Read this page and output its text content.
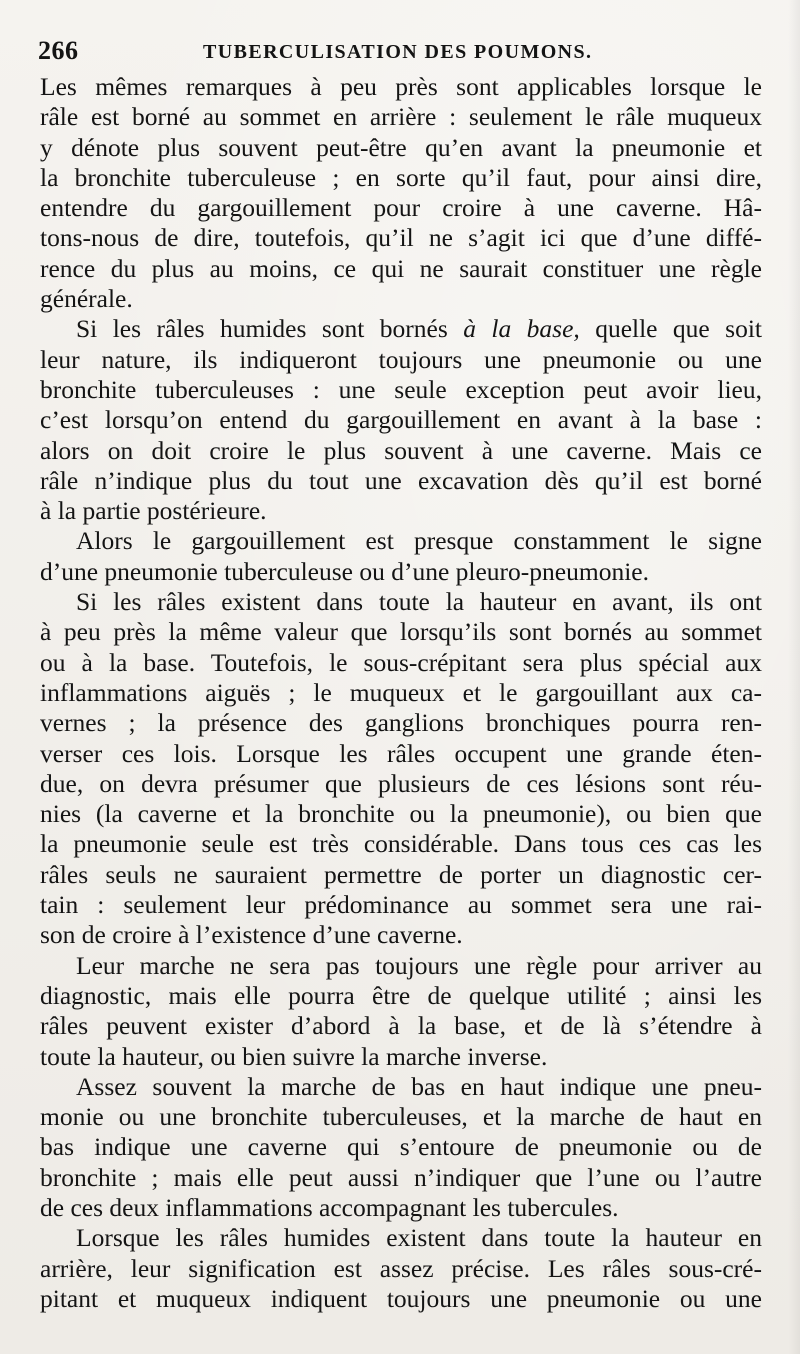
266	TUBERCULISATION DES POUMONS.
Les mêmes remarques à peu près sont applicables lorsque le
râle est borné au sommet en arrière : seulement le râle muqueux
y dénote plus souvent peut-être qu’en avant la pneumonie et
la bronchite tuberculeuse ; en sorte qu’il faut, pour ainsi dire,
entendre du gargouillement pour croire à une caverne. Hâ-
tons-nous de dire, toutefois, qu’il ne s’agit ici que d’une diffé-
rence du plus au moins, ce qui ne saurait constituer une règle
générale.
Si les râles humides sont bornés à la base, quelle que soit
leur nature, ils indiqueront toujours une pneumonie ou une
bronchite tuberculeuses : une seule exception peut avoir lieu,
c’est lorsqu’on entend du gargouillement en avant à la base :
alors on doit croire le plus souvent à une caverne. Mais ce
râle n’indique plus du tout une excavation dès qu’il est borné
à la partie postérieure.
Alors le gargouillement est presque constamment le signe
d’une pneumonie tuberculeuse ou d’une pleuro-pneumonie.
Si les râles existent dans toute la hauteur en avant, ils ont
à peu près la même valeur que lorsqu’ils sont bornés au sommet
ou à la base. Toutefois, le sous-crépitant sera plus spécial aux
inflammations aiguës ; le muqueux et le gargouillant aux ca-
vernes ; la présence des ganglions bronchiques pourra ren-
verser ces lois. Lorsque les râles occupent une grande éten-
due, on devra présumer que plusieurs de ces lésions sont réu-
nies (la caverne et la bronchite ou la pneumonie), ou bien que
la pneumonie seule est très considérable. Dans tous ces cas les
râles seuls ne sauraient permettre de porter un diagnostic cer-
tain : seulement leur prédominance au sommet sera une rai-
son de croire à l’existence d’une caverne.
Leur marche ne sera pas toujours une règle pour arriver au
diagnostic, mais elle pourra être de quelque utilité ; ainsi les
râles peuvent exister d’abord à la base, et de là s’étendre à
toute la hauteur, ou bien suivre la marche inverse.
Assez souvent la marche de bas en haut indique une pneu-
monie ou une bronchite tuberculeuses, et la marche de haut en
bas indique une caverne qui s’entoure de pneumonie ou de
bronchite ; mais elle peut aussi n’indiquer que l’une ou l’autre
de ces deux inflammations accompagnant les tubercules.
Lorsque les râles humides existent dans toute la hauteur en
arrière, leur signification est assez précise. Les râles sous-cré-
pitant et muqueux indiquent toujours une pneumonie ou une
